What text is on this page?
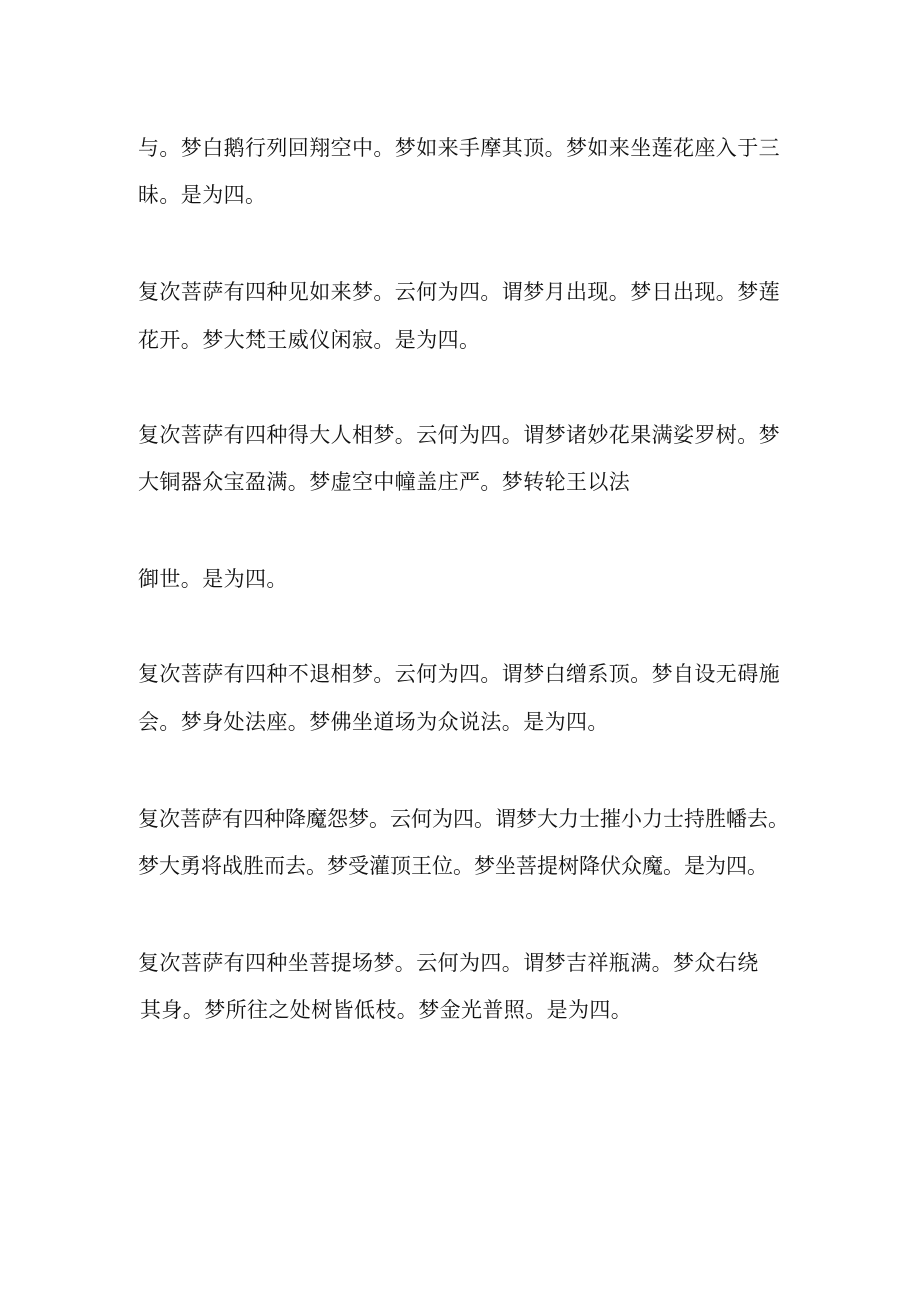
与。梦白鹅行列回翔空中。梦如来手摩其顶。梦如来坐莲花座入于三
昧。是为四。
复次菩萨有四种见如来梦。云何为四。谓梦月出现。梦日出现。梦莲
花开。梦大梵王威仪闲寂。是为四。
复次菩萨有四种得大人相梦。云何为四。谓梦诸妙花果满娑罗树。梦
大铜器众宝盈满。梦虚空中幢盖庄严。梦转轮王以法
御世。是为四。
复次菩萨有四种不退相梦。云何为四。谓梦白缯系顶。梦自设无碍施
会。梦身处法座。梦佛坐道场为众说法。是为四。
复次菩萨有四种降魔怨梦。云何为四。谓梦大力士摧小力士持胜幡去。
梦大勇将战胜而去。梦受灌顶王位。梦坐菩提树降伏众魔。是为四。
复次菩萨有四种坐菩提场梦。云何为四。谓梦吉祥瓶满。梦众右绕
其身。梦所往之处树皆低枝。梦金光普照。是为四。
